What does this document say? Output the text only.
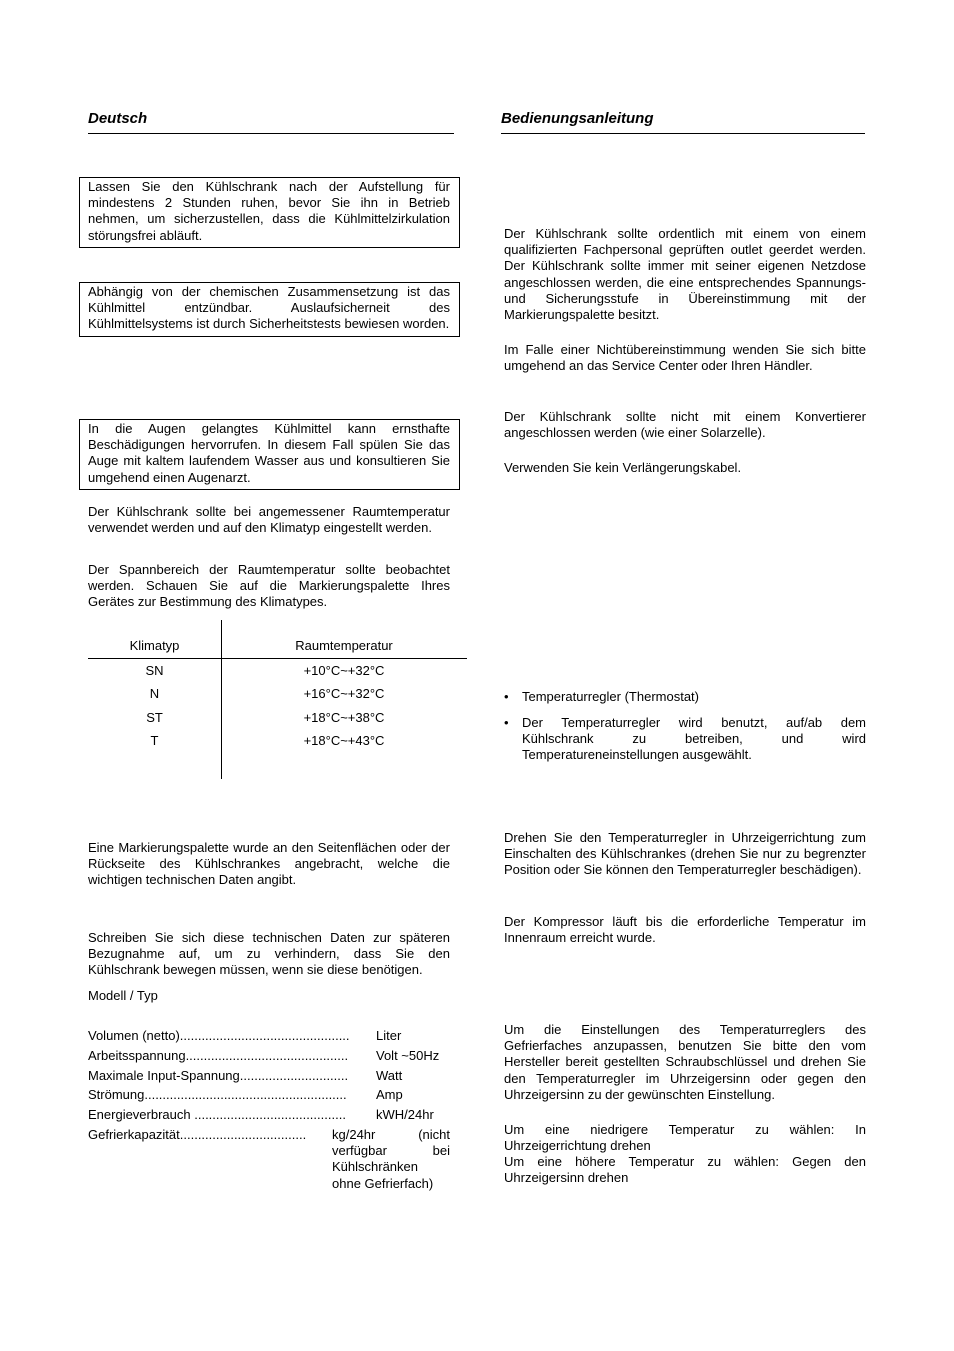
Deutsch	Bedienungsanleitung
Lassen Sie den Kühlschrank nach der Aufstellung für mindestens 2 Stunden ruhen, bevor Sie ihn in Betrieb nehmen, um sicherzustellen, dass die Kühlmittelzirkulation störungsfrei abläuft.
Abhängig von der chemischen Zusammensetzung ist das Kühlmittel entzündbar. Auslaufsicherneit des Kühlmittelsystems ist durch Sicherheitstests bewiesen worden.
In die Augen gelangtes Kühlmittel kann ernsthafte Beschädigungen hervorrufen. In diesem Fall spülen Sie das Auge mit kaltem laufendem Wasser aus und konsultieren Sie umgehend einen Augenarzt.

Der Kühlschrank sollte bei angemessener Raumtemperatur verwendet werden und auf den Klimatyp eingestellt werden.

Der Spannbereich der Raumtemperatur sollte beobachtet werden. Schauen Sie auf die Markierungspalette Ihres Gerätes zur Bestimmung des Klimatypes.

Klimatyp	Raumtemperatur
SN	+10°C~+32°C
N	+16°C~+32°C
ST	+18°C~+38°C
T	+18°C~+43°C

Eine Markierungspalette wurde an den Seitenflächen oder der Rückseite des Kühlschrankes angebracht, welche die wichtigen technischen Daten angibt.

Schreiben Sie sich diese technischen Daten zur späteren Bezugnahme auf, um zu verhindern, dass Sie den Kühlschrank bewegen müssen, wenn sie diese benötigen.

Modell / Typ
Volumen (netto)............................................... Liter
Arbeitsspannung............................................. Volt ~50Hz
Maximale Input-Spannung.............................. Watt
Strömung........................................................ Amp
Energieverbrauch .......................................... kWH/24hr
Gefrierkapazität................................... kg/24hr (nicht verfügbar bei Kühlschränken ohne Gefrierfach)

Der Kühlschrank sollte ordentlich mit einem von einem qualifizierten Fachpersonal geprüften outlet geerdet werden. Der Kühlschrank sollte immer mit seiner eigenen Netzdose angeschlossen werden, die eine entsprechendes Spannungs- und Sicherungsstufe in Übereinstimmung mit der Markierungspalette besitzt.

Im Falle einer Nichtübereinstimmung wenden Sie sich bitte umgehend an das Service Center oder Ihren Händler.

Der Kühlschrank sollte nicht mit einem Konvertierer angeschlossen werden (wie einer Solarzelle).

Verwenden Sie kein Verlängerungskabel.

• Temperaturregler (Thermostat)
• Der Temperaturregler wird benutzt, auf/ab dem Kühlschrank zu betreiben, und wird Temperatureneinstellungen ausgewählt.

Drehen Sie den Temperaturregler in Uhrzeigerrichtung zum Einschalten des Kühlschrankes (drehen Sie nur zu begrenzter Position oder Sie können den Temperaturregler beschädigen).

Der Kompressor läuft bis die erforderliche Temperatur im Innenraum erreicht wurde.

Um die Einstellungen des Temperaturreglers des Gefrierfaches anzupassen, benutzen Sie bitte den vom Hersteller bereit gestellten Schraubschlüssel und drehen Sie den Temperaturregler im Uhrzeigersinn oder gegen den Uhrzeigersinn zu der gewünschten Einstellung.

Um eine niedrigere Temperatur zu wählen: In Uhrzeigerrichtung drehen

Um eine höhere Temperatur zu wählen: Gegen den Uhrzeigersinn drehen
